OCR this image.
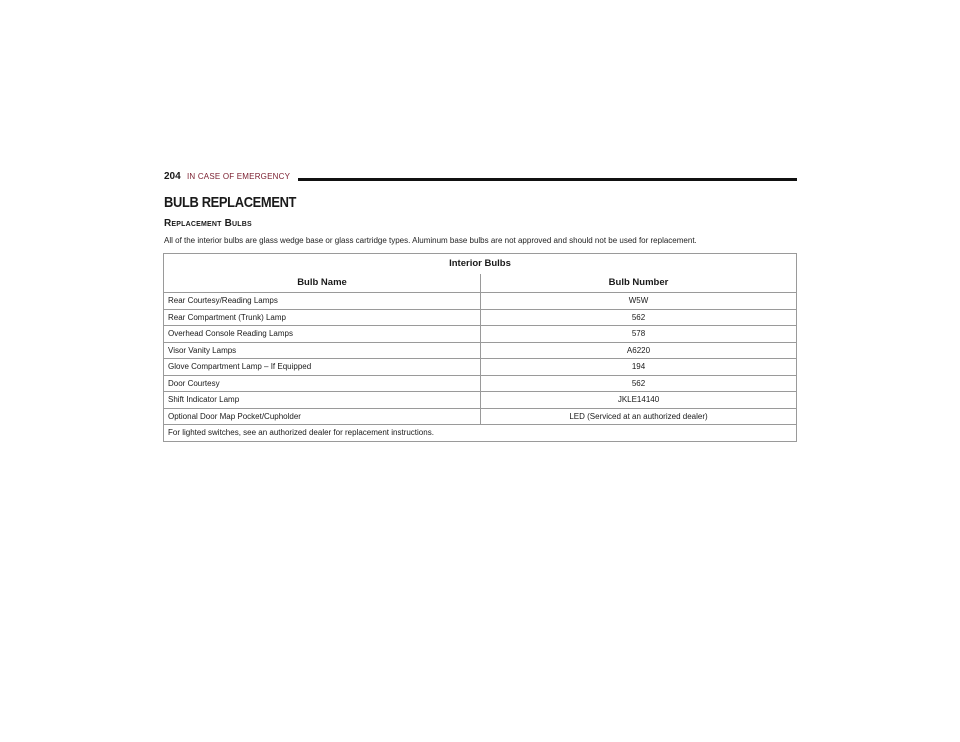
204 IN CASE OF EMERGENCY
BULB REPLACEMENT
Replacement Bulbs
All of the interior bulbs are glass wedge base or glass cartridge types. Aluminum base bulbs are not approved and should not be used for replacement.
Interior Bulbs	
Bulb Name	Bulb Number
Rear Courtesy/Reading Lamps	W5W
Rear Compartment (Trunk) Lamp	562
Overhead Console Reading Lamps	578
Visor Vanity Lamps	A6220
Glove Compartment Lamp – If Equipped	194
Door Courtesy	562
Shift Indicator Lamp	JKLE14140
Optional Door Map Pocket/Cupholder	LED (Serviced at an authorized dealer)
For lighted switches, see an authorized dealer for replacement instructions.	
